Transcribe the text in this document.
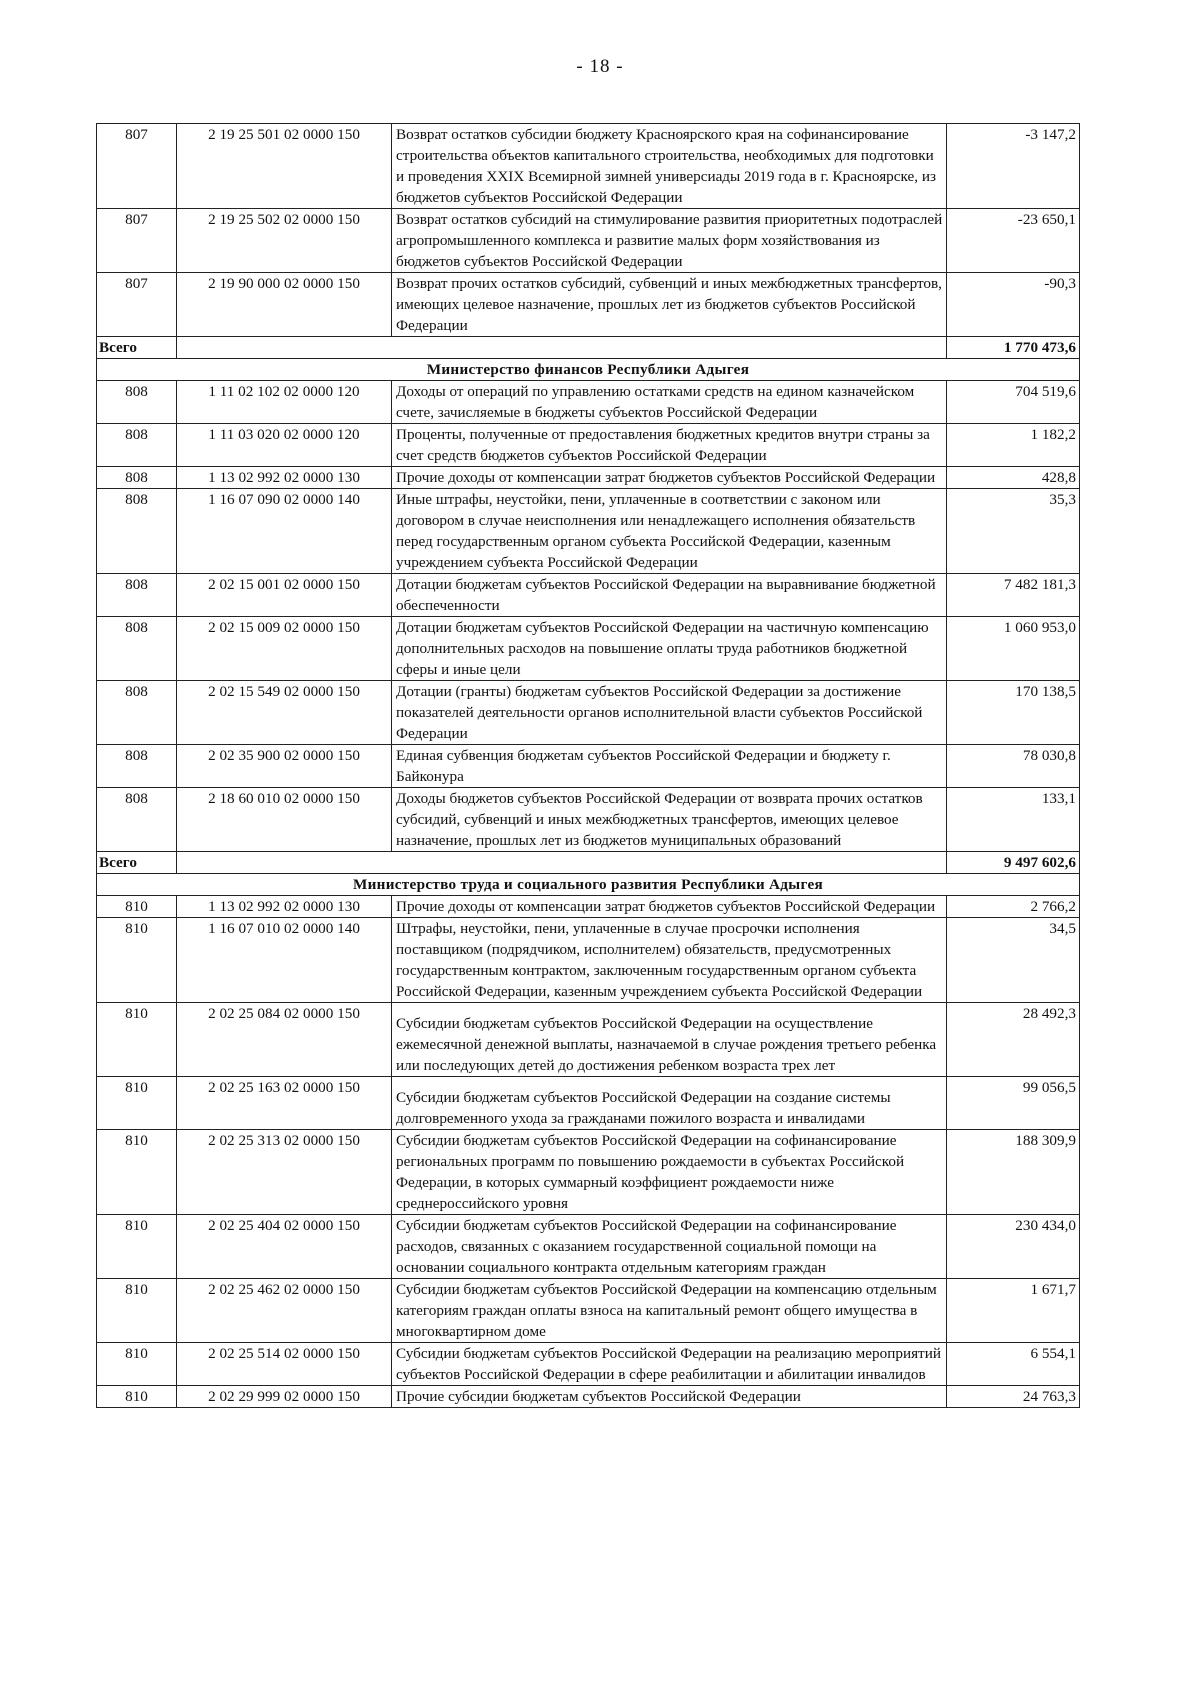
- 18 -
807	2 19 25 501 02 0000 150	Возврат остатков субсидии бюджету Красноярского края на софинансирование строительства объектов капитального строительства, необходимых для подготовки и проведения XXIX Всемирной зимней универсиады 2019 года в г. Красноярске, из бюджетов субъектов Российской Федерации	-3 147,2
807	2 19 25 502 02 0000 150	Возврат остатков субсидий на стимулирование развития приоритетных подотраслей агропромышленного комплекса и развитие малых форм хозяйствования из бюджетов субъектов Российской Федерации	-23 650,1
807	2 19 90 000 02 0000 150	Возврат прочих остатков субсидий, субвенций и иных межбюджетных трансфертов, имеющих целевое назначение, прошлых лет из бюджетов субъектов Российской Федерации	-90,3
Всего			1 770 473,6
Министерство финансов Республики Адыгея			
808	1 11 02 102 02 0000 120	Доходы от операций по управлению остатками средств на едином казначейском счете, зачисляемые в бюджеты субъектов Российской Федерации	704 519,6
808	1 11 03 020 02 0000 120	Проценты, полученные от предоставления бюджетных кредитов внутри страны за счет средств бюджетов субъектов Российской Федерации	1 182,2
808	1 13 02 992 02 0000 130	Прочие доходы от компенсации затрат бюджетов субъектов Российской Федерации	428,8
808	1 16 07 090 02 0000 140	Иные штрафы, неустойки, пени, уплаченные в соответствии с законом или договором в случае неисполнения или ненадлежащего исполнения обязательств перед государственным органом субъекта Российской Федерации, казенным учреждением субъекта Российской Федерации	35,3
808	2 02 15 001 02 0000 150	Дотации бюджетам субъектов Российской Федерации на выравнивание бюджетной обеспеченности	7 482 181,3
808	2 02 15 009 02 0000 150	Дотации бюджетам субъектов Российской Федерации на частичную компенсацию дополнительных расходов на повышение оплаты труда работников бюджетной сферы и иные цели	1 060 953,0
808	2 02 15 549 02 0000 150	Дотации (гранты) бюджетам субъектов Российской Федерации за достижение показателей деятельности органов исполнительной власти субъектов Российской Федерации	170 138,5
808	2 02 35 900 02 0000 150	Единая субвенция бюджетам субъектов Российской Федерации и бюджету г. Байконура	78 030,8
808	2 18 60 010 02 0000 150	Доходы бюджетов субъектов Российской Федерации от возврата прочих остатков субсидий, субвенций и иных межбюджетных трансфертов, имеющих целевое назначение, прошлых лет из бюджетов муниципальных образований	133,1
Всего			9 497 602,6
Министерство труда и социального развития Республики Адыгея			
810	1 13 02 992 02 0000 130	Прочие доходы от компенсации затрат бюджетов субъектов Российской Федерации	2 766,2
810	1 16 07 010 02 0000 140	Штрафы, неустойки, пени, уплаченные в случае просрочки исполнения поставщиком (подрядчиком, исполнителем) обязательств, предусмотренных государственным контрактом, заключенным государственным органом субъекта Российской Федерации, казенным учреждением субъекта Российской Федерации	34,5
810	2 02 25 084 02 0000 150	Субсидии бюджетам субъектов Российской Федерации на осуществление ежемесячной денежной выплаты, назначаемой в случае рождения третьего ребенка или последующих детей до достижения ребенком возраста трех лет	28 492,3
810	2 02 25 163 02 0000 150	Субсидии бюджетам субъектов Российской Федерации на создание системы долговременного ухода за гражданами пожилого возраста и инвалидами	99 056,5
810	2 02 25 313 02 0000 150	Субсидии бюджетам субъектов Российской Федерации на софинансирование региональных программ по повышению рождаемости в субъектах Российской Федерации, в которых суммарный коэффициент рождаемости ниже среднероссийского уровня	188 309,9
810	2 02 25 404 02 0000 150	Субсидии бюджетам субъектов Российской Федерации на софинансирование расходов, связанных с оказанием государственной социальной помощи на основании социального контракта отдельным категориям граждан	230 434,0
810	2 02 25 462 02 0000 150	Субсидии бюджетам субъектов Российской Федерации на компенсацию отдельным категориям граждан оплаты взноса на капитальный ремонт общего имущества в многоквартирном доме	1 671,7
810	2 02 25 514 02 0000 150	Субсидии бюджетам субъектов Российской Федерации на реализацию мероприятий субъектов Российской Федерации в сфере реабилитации и абилитации инвалидов	6 554,1
810	2 02 29 999 02 0000 150	Прочие субсидии бюджетам субъектов Российской Федерации	24 763,3
